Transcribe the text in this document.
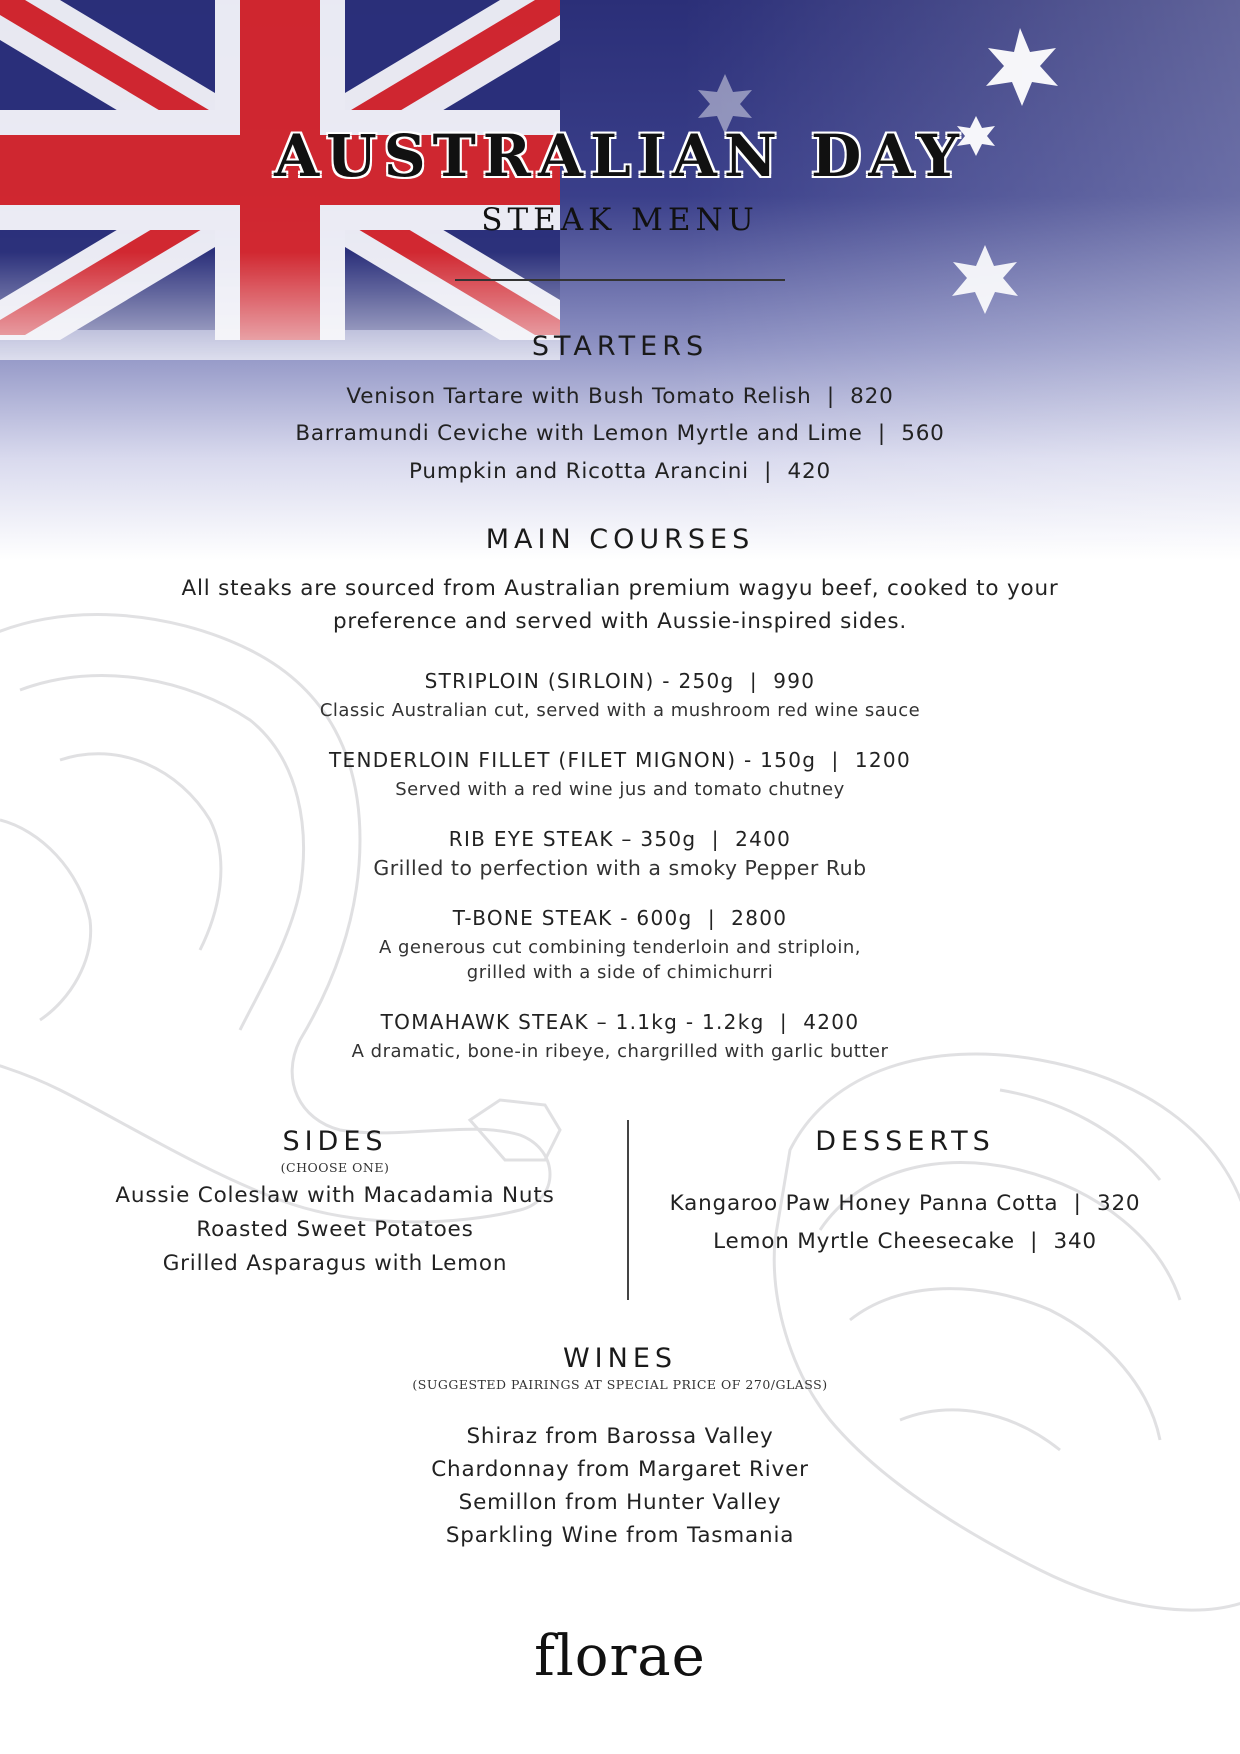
AUSTRALIAN DAY
STEAK MENU
STARTERS
Venison Tartare with Bush Tomato Relish  |  820
Barramundi Ceviche with Lemon Myrtle and Lime  |  560
Pumpkin and Ricotta Arancini  |  420
MAIN COURSES
All steaks are sourced from Australian premium wagyu beef, cooked to your
preference and served with Aussie-inspired sides.
STRIPLOIN (SIRLOIN) - 250g  |  990
Classic Australian cut, served with a mushroom red wine sauce
TENDERLOIN FILLET (FILET MIGNON) - 150g  |  1200
Served with a red wine jus and tomato chutney
RIB EYE STEAK – 350g  |  2400
Grilled to perfection with a smoky Pepper Rub
T-BONE STEAK - 600g  |  2800
A generous cut combining tenderloin and striploin,
grilled with a side of chimichurri
TOMAHAWK STEAK – 1.1kg - 1.2kg  |  4200
A dramatic, bone-in ribeye, chargrilled with garlic butter
SIDES
(CHOOSE ONE)
Aussie Coleslaw with Macadamia Nuts
Roasted Sweet Potatoes
Grilled Asparagus with Lemon
DESSERTS
Kangaroo Paw Honey Panna Cotta  |  320
Lemon Myrtle Cheesecake  |  340
WINES
(SUGGESTED PAIRINGS AT SPECIAL PRICE OF 270/GLASS)
Shiraz from Barossa Valley
Chardonnay from Margaret River
Semillon from Hunter Valley
Sparkling Wine from Tasmania
florae
